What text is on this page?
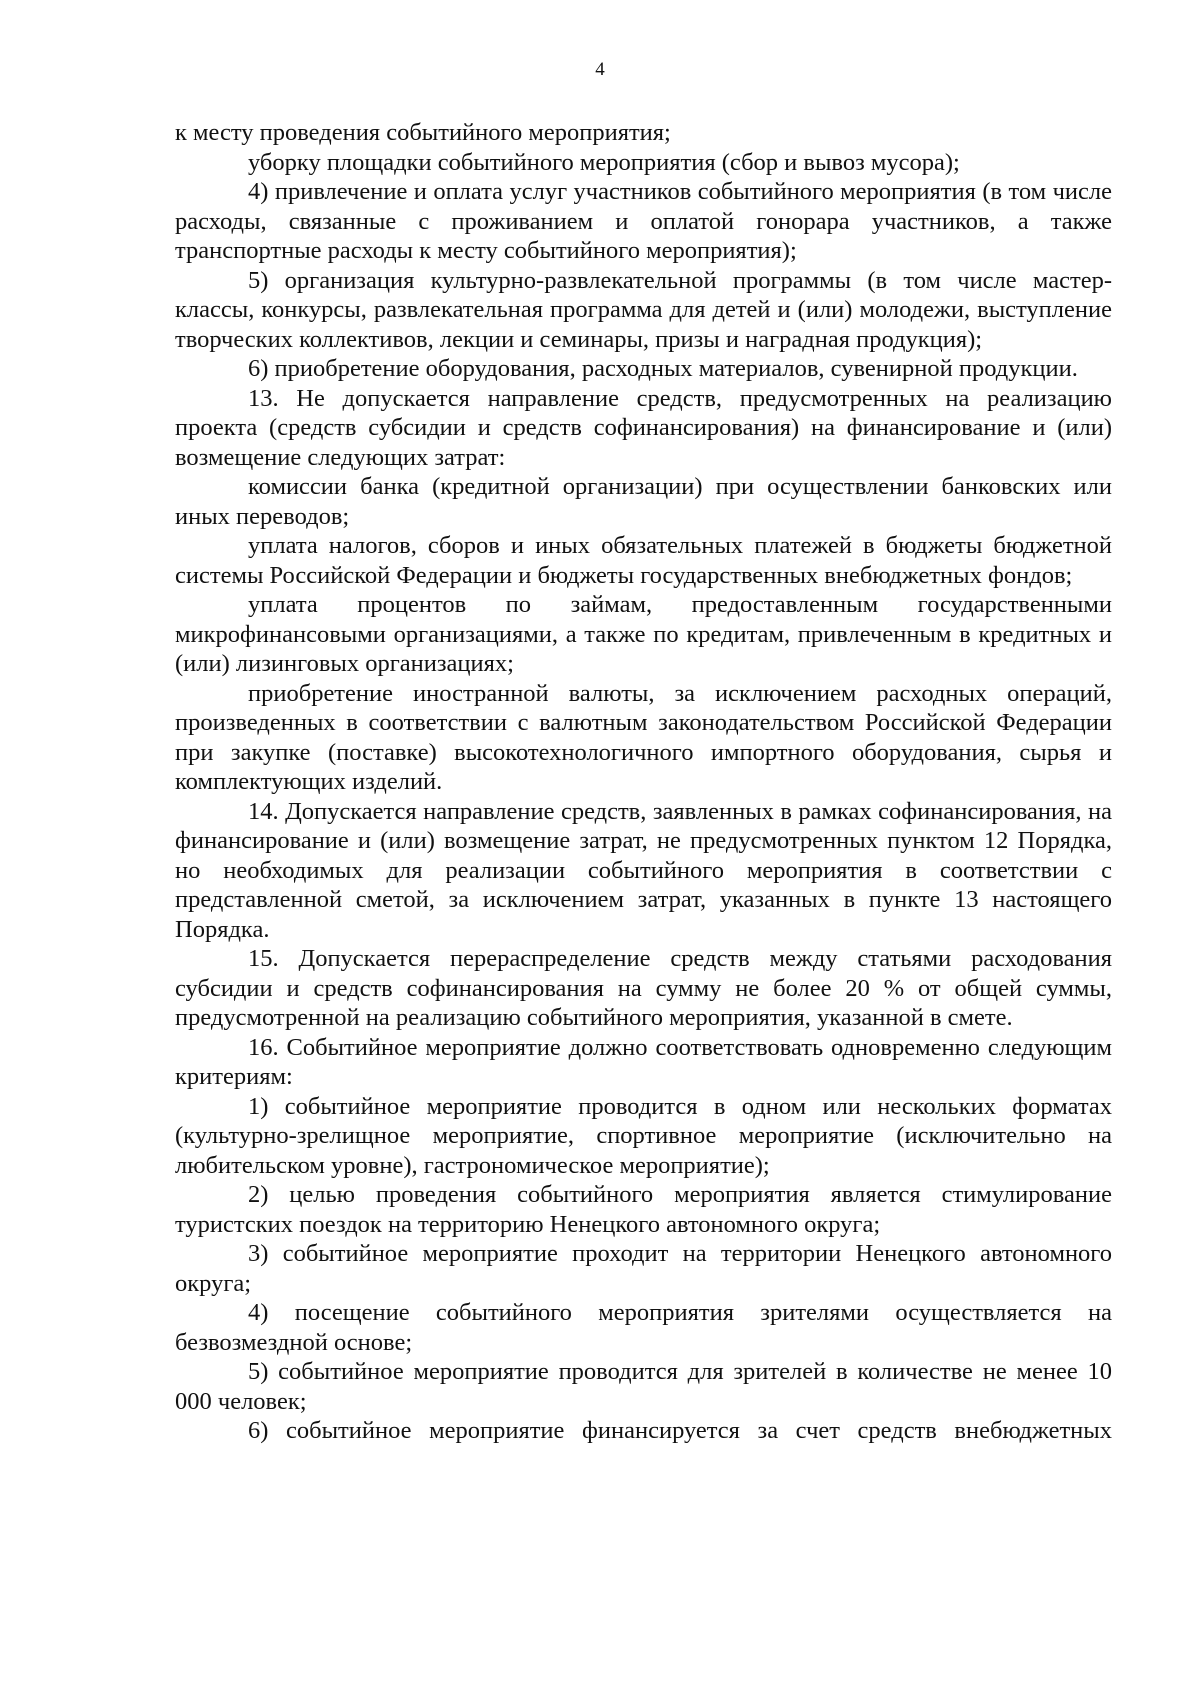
4

к месту проведения событийного мероприятия;

уборку площадки событийного мероприятия (сбор и вывоз мусора);

4) привлечение и оплата услуг участников событийного мероприятия (в том числе расходы, связанные с проживанием и оплатой гонорара участников, а также транспортные расходы к месту событийного мероприятия);

5) организация культурно-развлекательной программы (в том числе мастер-классы, конкурсы, развлекательная программа для детей и (или) молодежи, выступление творческих коллективов, лекции и семинары, призы и наградная продукция);

6) приобретение оборудования, расходных материалов, сувенирной продукции.

13. Не допускается направление средств, предусмотренных на реализацию проекта (средств субсидии и средств софинансирования) на финансирование и (или) возмещение следующих затрат:

комиссии банка (кредитной организации) при осуществлении банковских или иных переводов;

уплата налогов, сборов и иных обязательных платежей в бюджеты бюджетной системы Российской Федерации и бюджеты государственных внебюджетных фондов;

уплата процентов по займам, предоставленным государственными микрофинансовыми организациями, а также по кредитам, привлеченным в кредитных и (или) лизинговых организациях;

приобретение иностранной валюты, за исключением расходных операций, произведенных в соответствии с валютным законодательством Российской Федерации при закупке (поставке) высокотехнологичного импортного оборудования, сырья и комплектующих изделий.

14. Допускается направление средств, заявленных в рамках софинансирования, на финансирование и (или) возмещение затрат, не предусмотренных пунктом 12 Порядка, но необходимых для реализации событийного мероприятия в соответствии с представленной сметой, за исключением затрат, указанных в пункте 13 настоящего Порядка.

15. Допускается перераспределение средств между статьями расходования субсидии и средств софинансирования на сумму не более 20 % от общей суммы, предусмотренной на реализацию событийного мероприятия, указанной в смете.

16. Событийное мероприятие должно соответствовать одновременно следующим критериям:

1) событийное мероприятие проводится в одном или нескольких форматах (культурно-зрелищное мероприятие, спортивное мероприятие (исключительно на любительском уровне), гастрономическое мероприятие);

2) целью проведения событийного мероприятия является стимулирование туристских поездок на территорию Ненецкого автономного округа;

3) событийное мероприятие проходит на территории Ненецкого автономного округа;

4) посещение событийного мероприятия зрителями осуществляется на безвозмездной основе;

5) событийное мероприятие проводится для зрителей в количестве не менее 10 000 человек;

6) событийное мероприятие финансируется за счет средств внебюджетных
